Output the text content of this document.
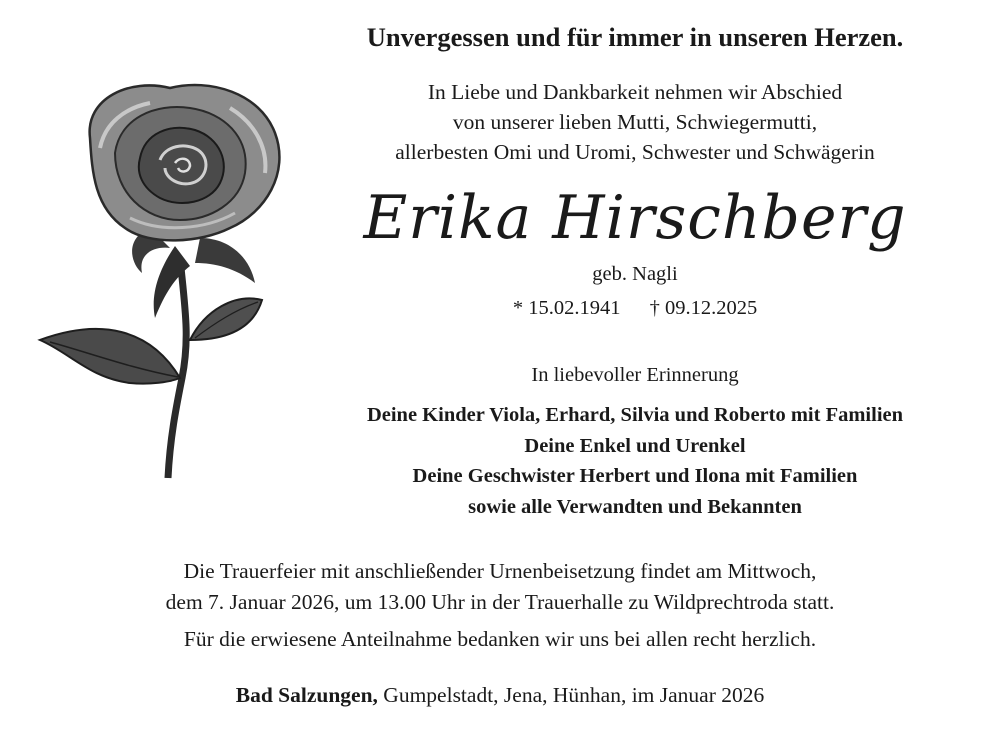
Unvergessen und für immer in unseren Herzen.
In Liebe und Dankbarkeit nehmen wir Abschied
von unserer lieben Mutti, Schwiegermutti,
allerbesten Omi und Uromi, Schwester und Schwägerin
Erika Hirschberg
geb. Nagli
* 15.02.1941 † 09.12.2025
In liebevoller Erinnerung
Deine Kinder Viola, Erhard, Silvia und Roberto mit Familien
Deine Enkel und Urenkel
Deine Geschwister Herbert und Ilona mit Familien
sowie alle Verwandten und Bekannten
Die Trauerfeier mit anschließender Urnenbeisetzung findet am Mittwoch,
dem 7. Januar 2026, um 13.00 Uhr in der Trauerhalle zu Wildprechtroda statt.
Für die erwiesene Anteilnahme bedanken wir uns bei allen recht herzlich.
Bad Salzungen, Gumpelstadt, Jena, Hünhan, im Januar 2026
